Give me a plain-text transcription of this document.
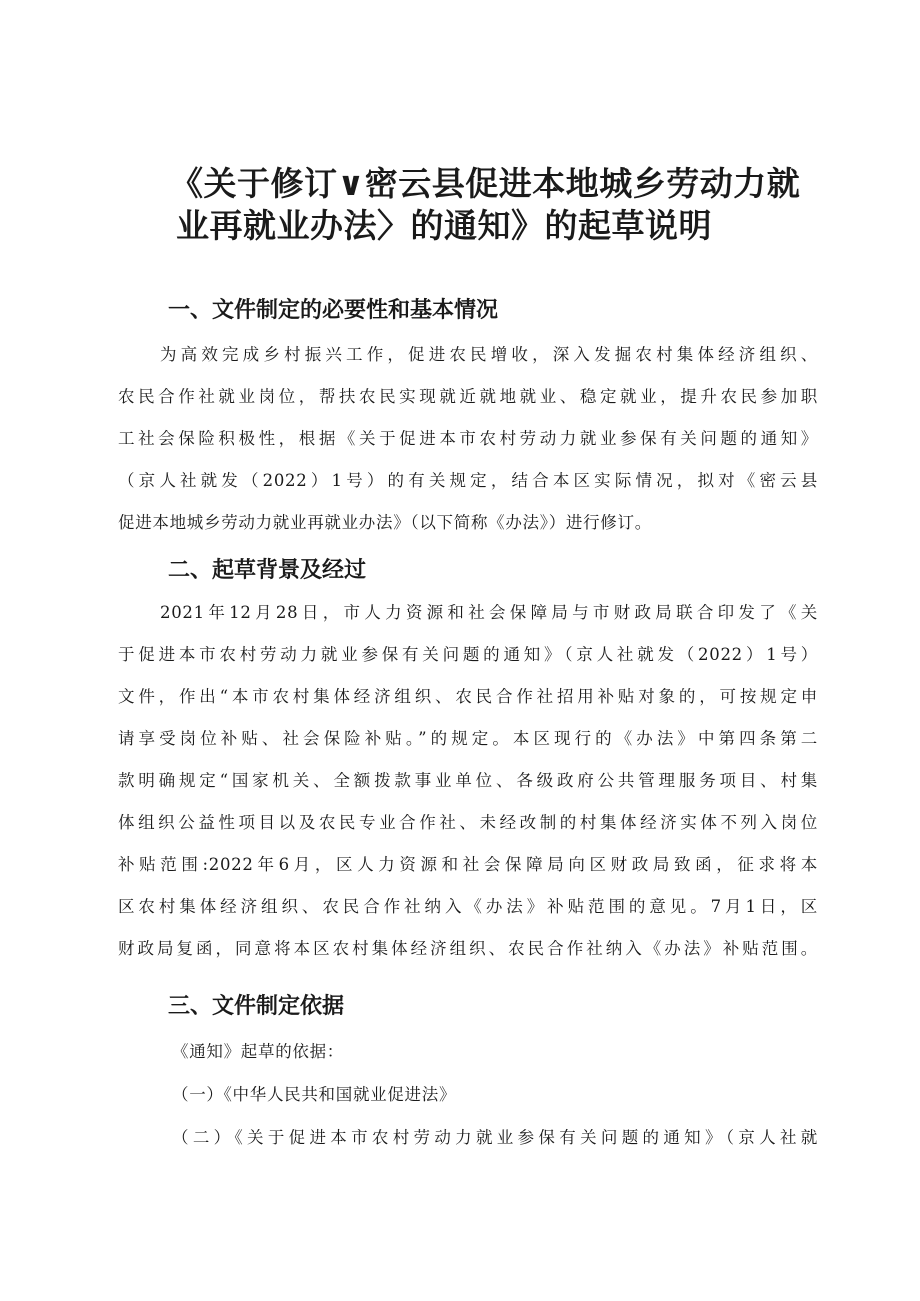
《关于修订∨密云县促进本地城乡劳动力就
业再就业办法〉的通知》的起草说明
一、文件制定的必要性和基本情况
为高效完成乡村振兴工作，促进农民增收，深入发掘农村集体经济组织、
农民合作社就业岗位，帮扶农民实现就近就地就业、稳定就业，提升农民参加职
工社会保险积极性，根据《关于促进本市农村劳动力就业参保有关问题的通知》
（京人社就发（2022）1号）的有关规定，结合本区实际情况，拟对《密云县
促进本地城乡劳动力就业再就业办法》（以下简称《办法》）进行修订。
二、起草背景及经过
2021年12月28日，市人力资源和社会保障局与市财政局联合印发了《关
于促进本市农村劳动力就业参保有关问题的通知》（京人社就发（2022）1号）
文件，作出“本市农村集体经济组织、农民合作社招用补贴对象的，可按规定申
请享受岗位补贴、社会保险补贴。”的规定。本区现行的《办法》中第四条第二
款明确规定“国家机关、全额拨款事业单位、各级政府公共管理服务项目、村集
体组织公益性项目以及农民专业合作社、未经改制的村集体经济实体不列入岗位
补贴范围:2022年6月，区人力资源和社会保障局向区财政局致函，征求将本
区农村集体经济组织、农民合作社纳入《办法》补贴范围的意见。7月1日，区
财政局复函，同意将本区农村集体经济组织、农民合作社纳入《办法》补贴范围。
三、文件制定依据
《通知》起草的依据：
（一）《中华人民共和国就业促进法》
（二）《关于促进本市农村劳动力就业参保有关问题的通知》（京人社就
